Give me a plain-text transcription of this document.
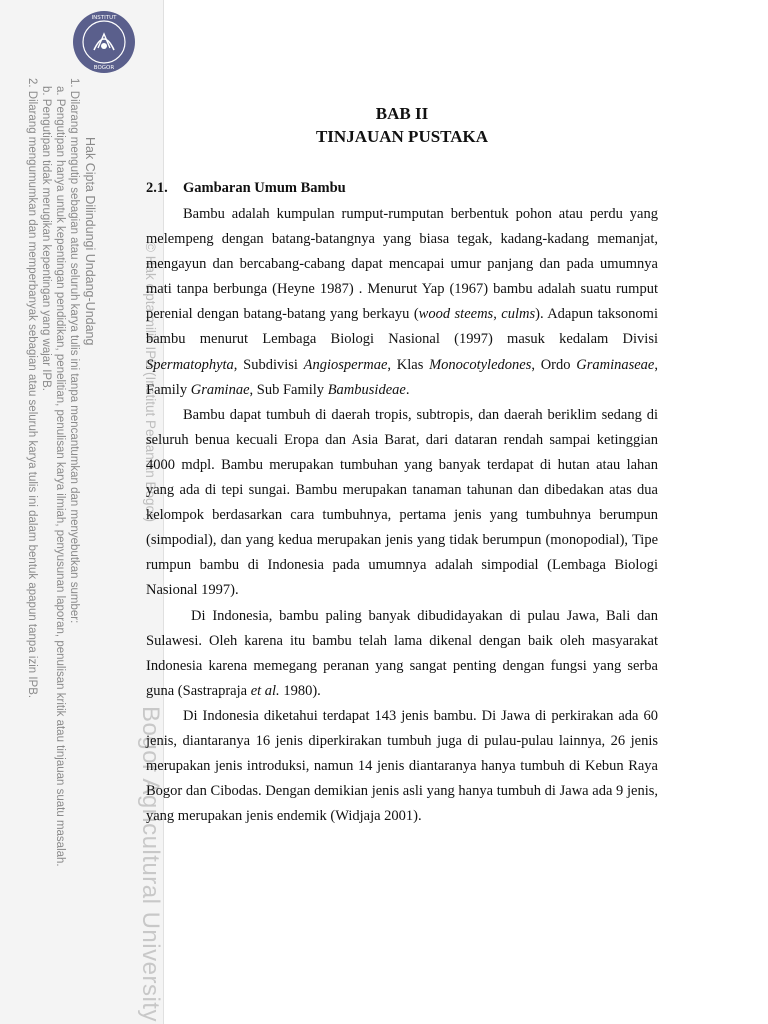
INSTITUT
BOGOR
Hak Cipta Dilindungi Undang-Undang
1. Dilarang mengutip sebagian atau seluruh karya tulis ini tanpa mencantumkan dan menyebutkan sumber:
a. Pengutipan hanya untuk kepentingan pendidikan, penelitian, penulisan karya ilmiah, penyusunan laporan, penulisan kritik atau tinjauan suatu masalah.
b. Pengutipan tidak merugikan kepentingan yang wajar IPB.
2. Dilarang mengumumkan dan memperbanyak sebagian atau seluruh karya tulis ini dalam bentuk apapun tanpa izin IPB.	© Hak cipta milik IPB (Institut Pertanian Bogor)
Bogor Agricultural University
BAB II
TINJAUAN PUSTAKA
2.1. Gambaran Umum Bambu

Bambu adalah kumpulan rumput-rumputan berbentuk pohon atau perdu yang melempeng dengan batang-batangnya yang biasa tegak, kadang-kadang memanjat, mengayun dan bercabang-cabang dapat mencapai umur panjang dan pada umumnya mati tanpa berbunga (Heyne 1987) . Menurut Yap (1967) bambu adalah suatu rumput perenial dengan batang-batang yang berkayu (wood steems, culms). Adapun taksonomi bambu menurut Lembaga Biologi Nasional (1997) masuk kedalam Divisi Spermatophyta, Subdivisi Angiospermae, Klas Monocotyledones, Ordo Graminaseae, Family Graminae, Sub Family Bambusideae.

Bambu dapat tumbuh di daerah tropis, subtropis, dan daerah beriklim sedang di seluruh benua kecuali Eropa dan Asia Barat, dari dataran rendah sampai ketinggian 4000 mdpl. Bambu merupakan tumbuhan yang banyak terdapat di hutan atau lahan yang ada di tepi sungai. Bambu merupakan tanaman tahunan dan dibedakan atas dua kelompok berdasarkan cara tumbuhnya, pertama jenis yang tumbuhnya berumpun (simpodial), dan yang kedua merupakan jenis yang tidak berumpun (monopodial), Tipe rumpun bambu di Indonesia pada umumnya adalah simpodial (Lembaga Biologi Nasional 1997).

Di Indonesia, bambu paling banyak dibudidayakan di pulau Jawa, Bali dan Sulawesi. Oleh karena itu bambu telah lama dikenal dengan baik oleh masyarakat Indonesia karena memegang peranan yang sangat penting dengan fungsi yang serba guna (Sastrapraja et al. 1980).

Di Indonesia diketahui terdapat 143 jenis bambu. Di Jawa di perkirakan ada 60 jenis, diantaranya 16 jenis diperkirakan tumbuh juga di pulau-pulau lainnya, 26 jenis merupakan jenis introduksi, namun 14 jenis diantaranya hanya tumbuh di Kebun Raya Bogor dan Cibodas. Dengan demikian jenis asli yang hanya tumbuh di Jawa ada 9 jenis, yang merupakan jenis endemik (Widjaja 2001).
